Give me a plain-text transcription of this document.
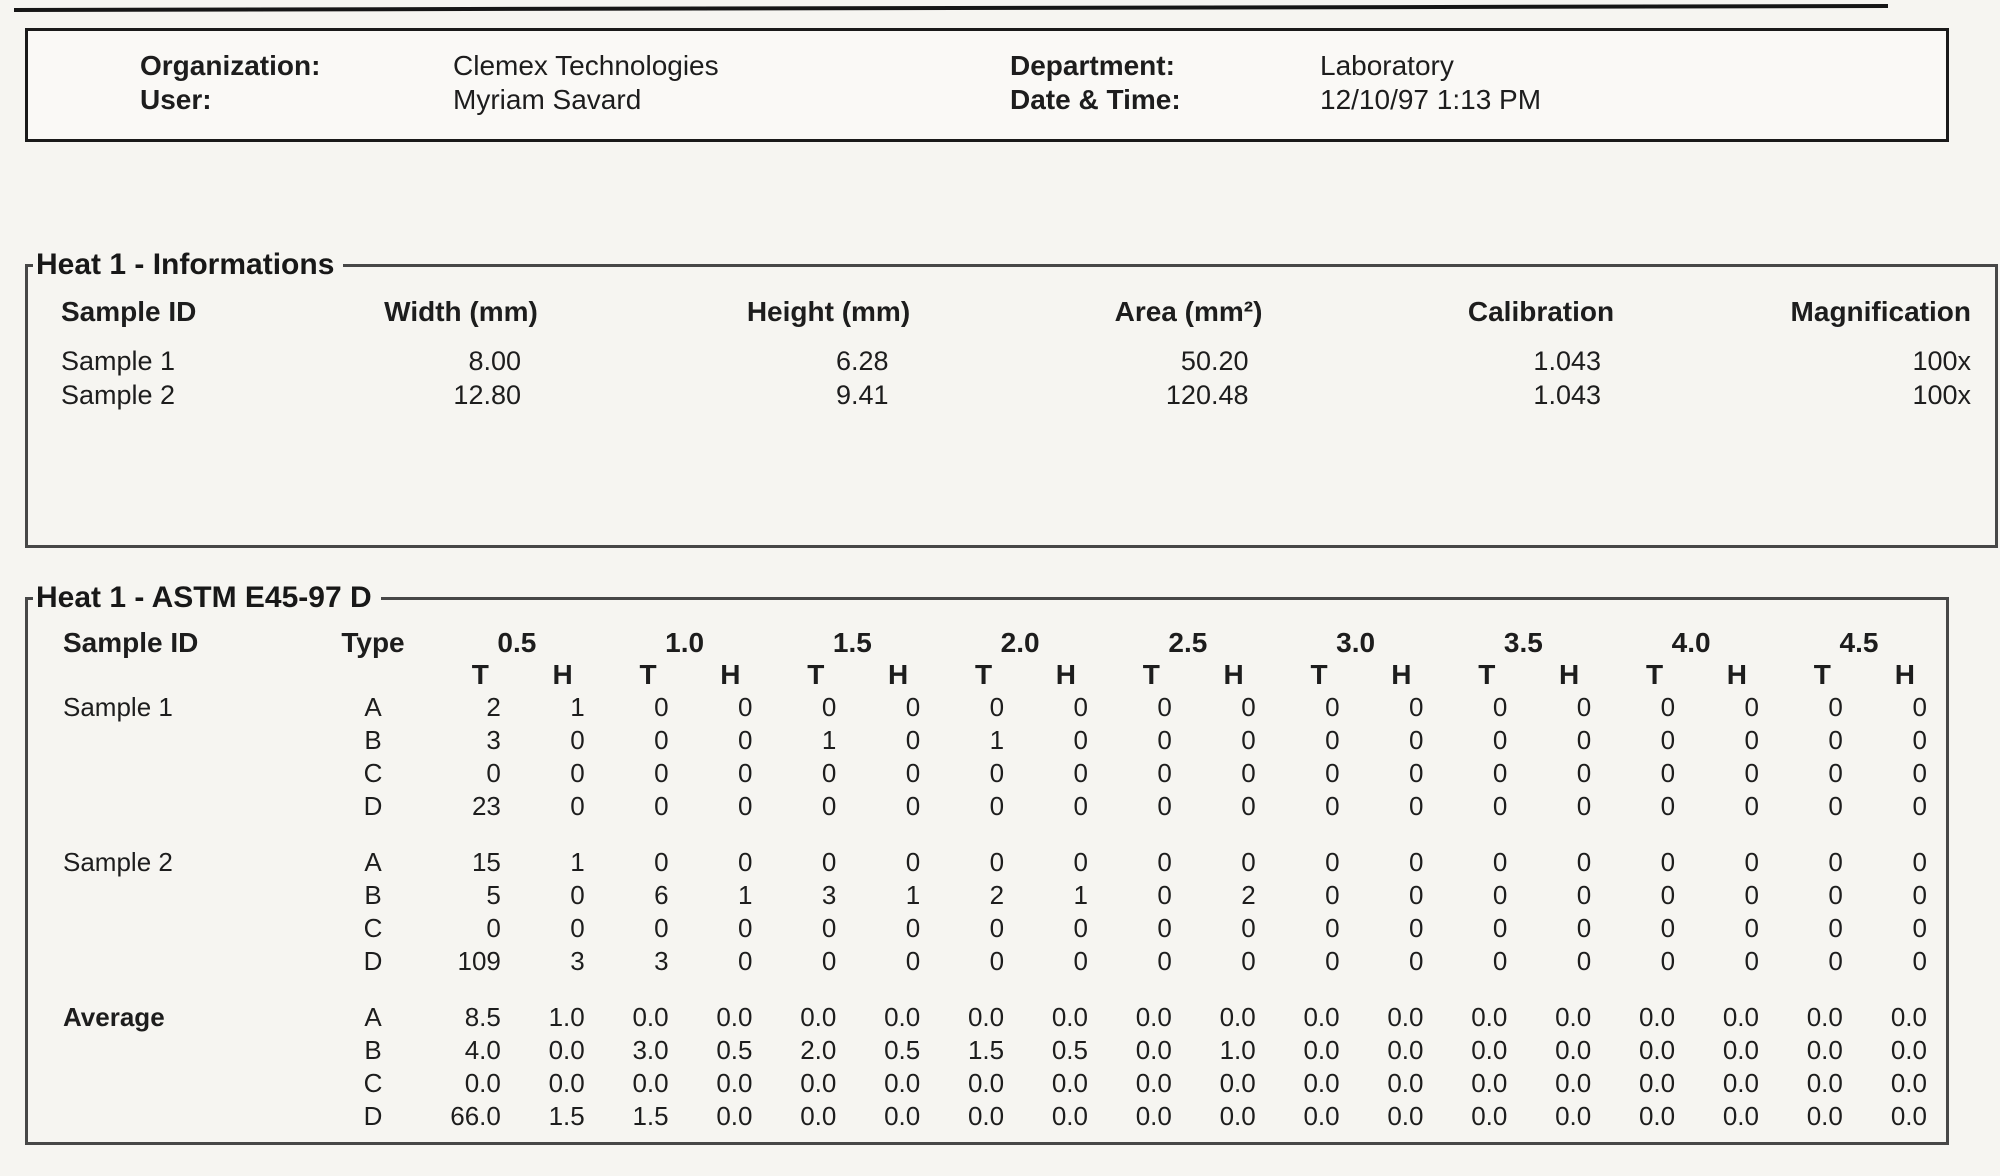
Organization:	Clemex Technologies
User:	Myriam Savard
Department:	Laboratory
Date & Time:	12/10/97 1:13 PM
Heat 1 - Informations
Sample ID	Width (mm)	Height (mm)	Area (mm²)	Calibration	Magnification
Sample 1	8.00	6.28	50.20	1.043	100x
Sample 2	12.80	9.41	120.48	1.043	100x
Heat 1 - ASTM E45-97 D
Sample ID	Type	0.5		1.0		1.5		2.0		2.5		3.0		3.5		4.0		4.5	
		T	H	T	H	T	H	T	H	T	H	T	H	T	H	T	H	T	H
Sample 1	A	2	1	0	0	0	0	0	0	0	0	0	0	0	0	0	0	0	0
	B	3	0	0	0	1	0	1	0	0	0	0	0	0	0	0	0	0	0
	C	0	0	0	0	0	0	0	0	0	0	0	0	0	0	0	0	0	0
	D	23	0	0	0	0	0	0	0	0	0	0	0	0	0	0	0	0	0

Sample 2	A	15	1	0	0	0	0	0	0	0	0	0	0	0	0	0	0	0	0
	B	5	0	6	1	3	1	2	1	0	2	0	0	0	0	0	0	0	0
	C	0	0	0	0	0	0	0	0	0	0	0	0	0	0	0	0	0	0
	D	109	3	3	0	0	0	0	0	0	0	0	0	0	0	0	0	0	0

Average	A	8.5	1.0	0.0	0.0	0.0	0.0	0.0	0.0	0.0	0.0	0.0	0.0	0.0	0.0	0.0	0.0	0.0	0.0
	B	4.0	0.0	3.0	0.5	2.0	0.5	1.5	0.5	0.0	1.0	0.0	0.0	0.0	0.0	0.0	0.0	0.0	0.0
	C	0.0	0.0	0.0	0.0	0.0	0.0	0.0	0.0	0.0	0.0	0.0	0.0	0.0	0.0	0.0	0.0	0.0	0.0
	D	66.0	1.5	1.5	0.0	0.0	0.0	0.0	0.0	0.0	0.0	0.0	0.0	0.0	0.0	0.0	0.0	0.0	0.0
